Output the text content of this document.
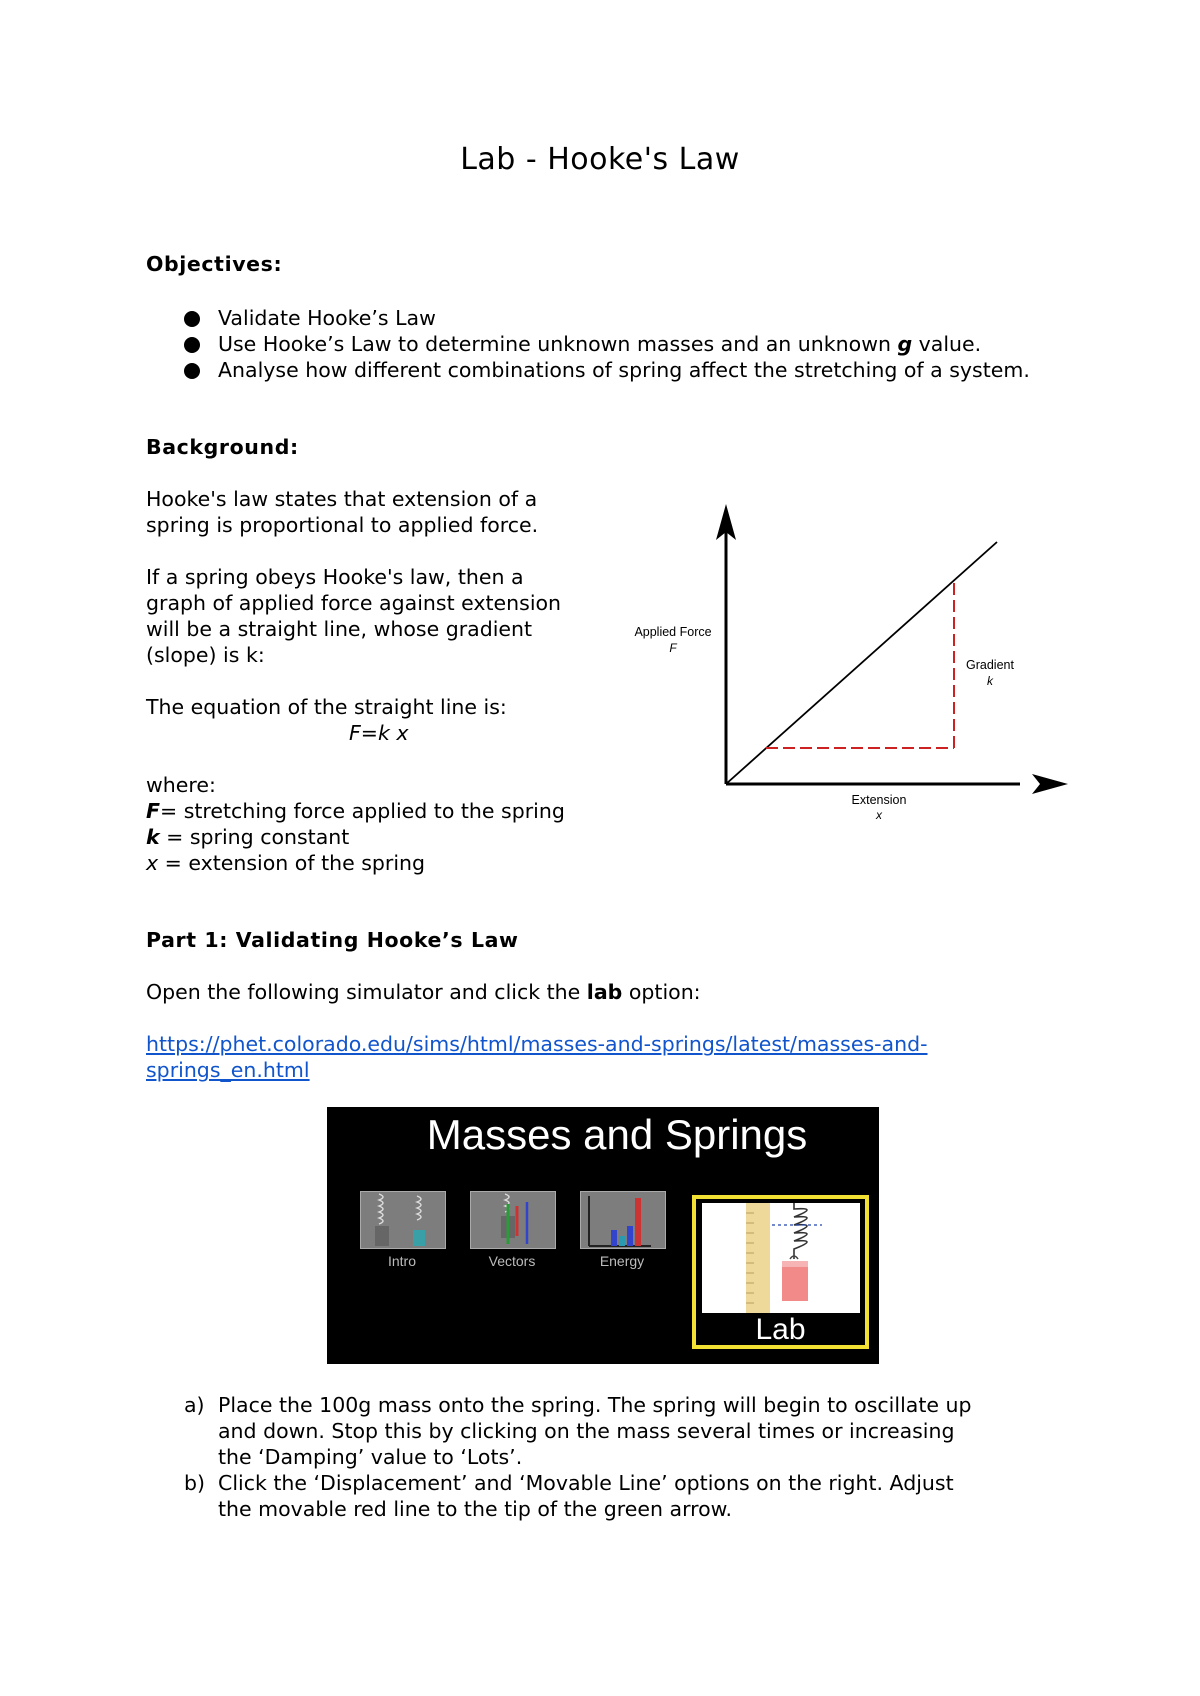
Lab - Hooke's Law
Objectives:
Validate Hooke’s Law
Use Hooke’s Law to determine unknown masses and an unknown g value.
Analyse how different combinations of spring affect the stretching of a system.
Background:
Hooke's law states that extension of a
spring is proportional to applied force.
If a spring obeys Hooke's law, then a
graph of applied force against extension
will be a straight line, whose gradient
(slope) is k:
The equation of the straight line is:
F=k x
where:
F= stretching force applied to the spring
k = spring constant
x = extension of the spring
Applied Force
F
Gradient
k
Extension
x
Part 1: Validating Hooke’s Law
Open the following simulator and click the lab option:
https://phet.colorado.edu/sims/html/masses-and-springs/latest/masses-and-
springs_en.html
Masses and Springs
Intro	Vectors	Energy
Lab
a) Place the 100g mass onto the spring. The spring will begin to oscillate up
and down. Stop this by clicking on the mass several times or increasing
the ‘Damping’ value to ‘Lots’.
b) Click the ‘Displacement’ and ‘Movable Line’ options on the right. Adjust
the movable red line to the tip of the green arrow.
